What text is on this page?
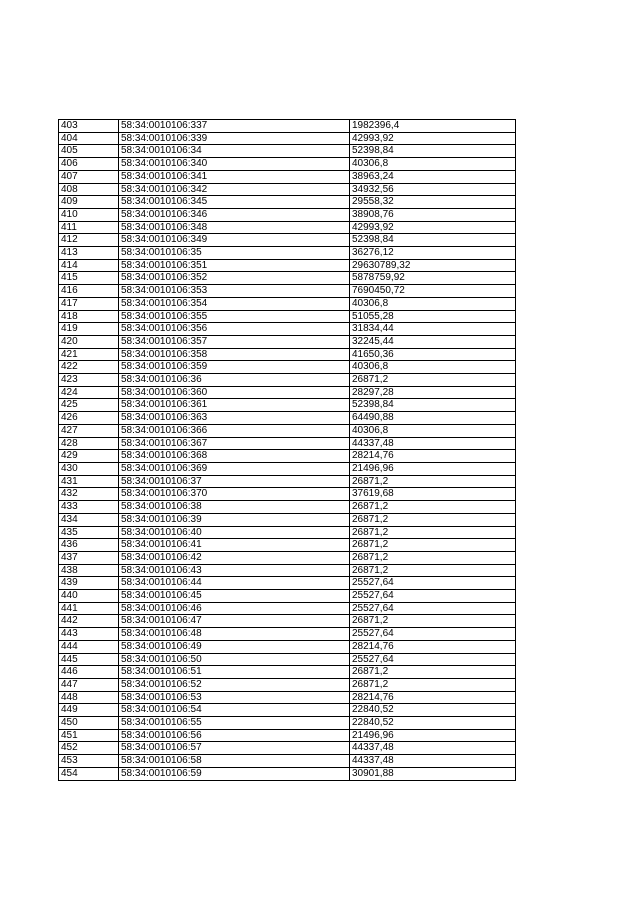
403	58:34:0010106:337	1982396,4
404	58:34:0010106:339	42993,92
405	58:34:0010106:34	52398,84
406	58:34:0010106:340	40306,8
407	58:34:0010106:341	38963,24
408	58:34:0010106:342	34932,56
409	58:34:0010106:345	29558,32
410	58:34:0010106:346	38908,76
411	58:34:0010106:348	42993,92
412	58:34:0010106:349	52398,84
413	58:34:0010106:35	36276,12
414	58:34:0010106:351	29630789,32
415	58:34:0010106:352	5878759,92
416	58:34:0010106:353	7690450,72
417	58:34:0010106:354	40306,8
418	58:34:0010106:355	51055,28
419	58:34:0010106:356	31834,44
420	58:34:0010106:357	32245,44
421	58:34:0010106:358	41650,36
422	58:34:0010106:359	40306,8
423	58:34:0010106:36	26871,2
424	58:34:0010106:360	28297,28
425	58:34:0010106:361	52398,84
426	58:34:0010106:363	64490,88
427	58:34:0010106:366	40306,8
428	58:34:0010106:367	44337,48
429	58:34:0010106:368	28214,76
430	58:34:0010106:369	21496,96
431	58:34:0010106:37	26871,2
432	58:34:0010106:370	37619,68
433	58:34:0010106:38	26871,2
434	58:34:0010106:39	26871,2
435	58:34:0010106:40	26871,2
436	58:34:0010106:41	26871,2
437	58:34:0010106:42	26871,2
438	58:34:0010106:43	26871,2
439	58:34:0010106:44	25527,64
440	58:34:0010106:45	25527,64
441	58:34:0010106:46	25527,64
442	58:34:0010106:47	26871,2
443	58:34:0010106:48	25527,64
444	58:34:0010106:49	28214,76
445	58:34:0010106:50	25527,64
446	58:34:0010106:51	26871,2
447	58:34:0010106:52	26871,2
448	58:34:0010106:53	28214,76
449	58:34:0010106:54	22840,52
450	58:34:0010106:55	22840,52
451	58:34:0010106:56	21496,96
452	58:34:0010106:57	44337,48
453	58:34:0010106:58	44337,48
454	58:34:0010106:59	30901,88
